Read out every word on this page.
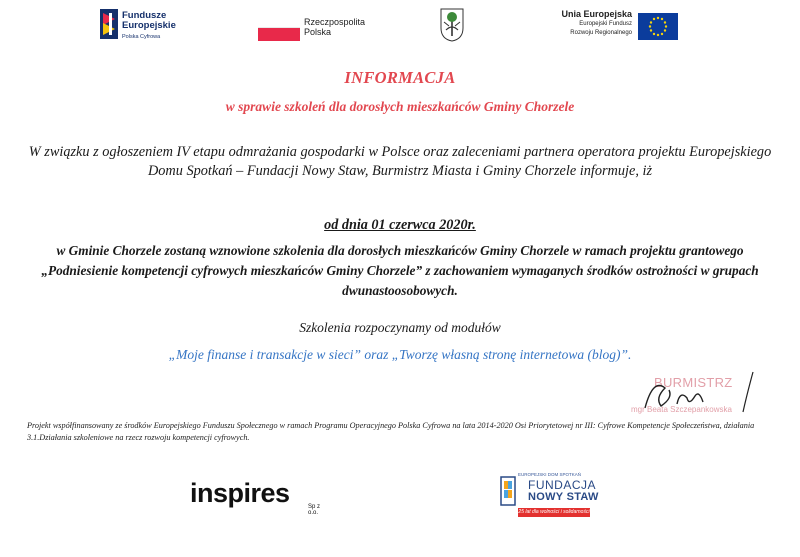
Fundusze
Europejskie
Polska Cyfrowa
Rzeczpospolita
Polska
Unia Europejska
Europejski Fundusz
Rozwoju Regionalnego
INFORMACJA
w sprawie szkoleń dla dorosłych mieszkańców Gminy Chorzele
W związku z ogłoszeniem IV etapu odmrażania gospodarki w Polsce oraz zaleceniami partnera operatora projektu Europejskiego Domu Spotkań – Fundacji Nowy Staw, Burmistrz Miasta i Gminy Chorzele informuje, iż
od dnia 01 czerwca 2020r.
w Gminie Chorzele zostaną wznowione szkolenia dla dorosłych mieszkańców Gminy Chorzele w ramach projektu grantowego „Podniesienie kompetencji cyfrowych mieszkańców Gminy Chorzele” z zachowaniem wymaganych środków ostrożności w grupach dwunastoosobowych.
Szkolenia rozpoczynamy od modułów
„Moje finanse i transakcje w sieci” oraz „Tworzę własną stronę internetowa (blog)”.
BURMISTRZ
mgr Beata Szczepankowska
Projekt współfinansowany ze środków Europejskiego Funduszu Społecznego w ramach Programu Operacyjnego Polska Cyfrowa na lata 2014-2020 Osi Priorytetowej nr III: Cyfrowe Kompetencje Społeczeństwa, działania 3.1.Działania szkoleniowe na rzecz rozwoju kompetencji cyfrowych.
inspires	Sp z o.o.
EUROPEJSKI DOM SPOTKAŃ
FUNDACJA
NOWY STAW
25 lat dla wolności i solidarności
